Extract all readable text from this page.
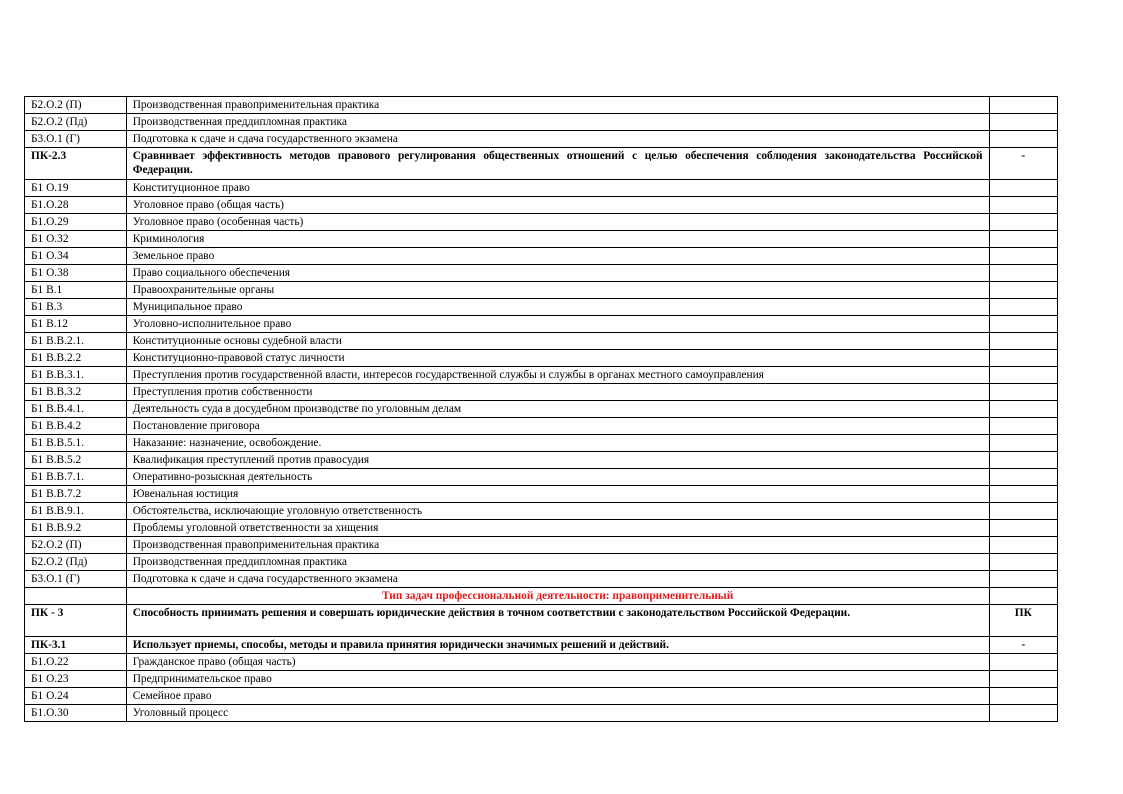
Б2.О.2 (П)	Производственная правоприменительная практика	
Б2.О.2 (Пд)	Производственная преддипломная практика	
Б3.О.1 (Г)	Подготовка к сдаче и сдача государственного экзамена	
ПК-2.3	Сравнивает эффективность методов правового регулирования общественных отношений с целью обеспечения соблюдения законодательства Российской Федерации.	-
Б1 О.19	Конституционное право	
Б1.О.28	Уголовное право (общая часть)	
Б1.О.29	Уголовное право (особенная часть)	
Б1 О.32	Криминология	
Б1 О.34	Земельное право	
Б1 О.38	Право социального обеспечения	
Б1 В.1	Правоохранительные органы	
Б1 В.3	Муниципальное право	
Б1 В.12	Уголовно-исполнительное право	
Б1 В.В.2.1.	Конституционные основы судебной власти	
Б1 В.В.2.2	Конституционно-правовой статус личности	
Б1 В.В.3.1.	Преступления против государственной власти, интересов государственной службы и службы в органах местного самоуправления	
Б1 В.В.3.2	Преступления против собственности	
Б1 В.В.4.1.	Деятельность суда в досудебном производстве по уголовным делам	
Б1 В.В.4.2	Постановление приговора	
Б1 В.В.5.1.	Наказание: назначение, освобождение.	
Б1 В.В.5.2	Квалификация преступлений против правосудия	
Б1 В.В.7.1.	Оперативно-розыскная деятельность	
Б1 В.В.7.2	Ювенальная юстиция	
Б1 В.В.9.1.	Обстоятельства, исключающие уголовную ответственность	
Б1 В.В.9.2	Проблемы уголовной ответственности за хищения	
Б2.О.2 (П)	Производственная правоприменительная практика	
Б2.О.2 (Пд)	Производственная преддипломная практика	
Б3.О.1 (Г)	Подготовка к сдаче и сдача государственного экзамена	
	Тип задач профессиональной деятельности: правоприменительный	
ПК - 3	Способность принимать решения и совершать юридические действия в точном соответствии с законодательством Российской Федерации.	ПК
ПК-3.1	Использует приемы, способы, методы и правила принятия юридически значимых решений и действий.	-
Б1.О.22	Гражданское право (общая часть)	
Б1 О.23	Предпринимательское право	
Б1 О.24	Семейное право	
Б1.О.30	Уголовный процесс	
